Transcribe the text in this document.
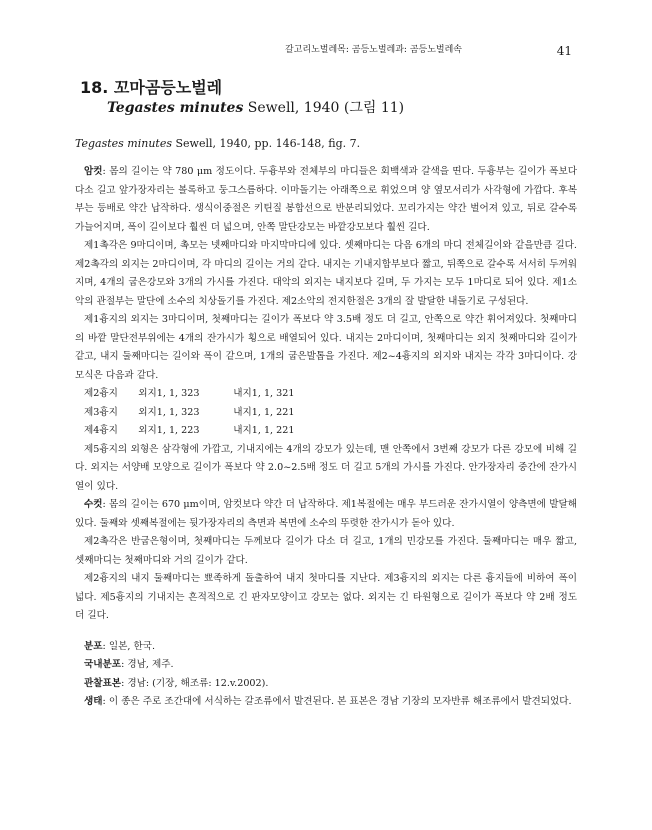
갈고리노벌레목: 곰등노벌레과: 곰등노벌레속	41
18. 꼬마곰등노벌레
Tegastes minutes Sewell, 1940 (그림 11)
Tegastes minutes Sewell, 1940, pp. 146-148, fig. 7.

암컷: 몸의 길이는 약 780 μm 정도이다. 두흉부와 전체부의 마디들은 회백색과 갈색을 띤다. 두흉부는 길이가 폭보다 다소 길고 앞가장자리는 볼록하고 둥그스름하다. 이마돌기는 아래쪽으로 휘었으며 양 옆모서리가 사각형에 가깝다. 후복부는 등배로 약간 납작하다. 생식이중절은 키틴질 봉합선으로 반분리되었다. 꼬리가지는 약간 벌어져 있고, 뒤로 갈수록 가늘어지며, 폭이 길이보다 훨씬 더 넓으며, 안쪽 말단강모는 바깥강모보다 훨씬 길다.

제1촉각은 9마디이며, 촉모는 넷째마디와 마지막마디에 있다. 셋째마디는 다음 6개의 마디 전체길이와 같을만큼 길다. 제2촉각의 외지는 2마디이며, 각 마디의 길이는 거의 같다. 내지는 기내지합부보다 짧고, 뒤쪽으로 갈수록 서서히 두꺼워지며, 4개의 굽은강모와 3개의 가시를 가진다. 대악의 외지는 내지보다 길며, 두 가지는 모두 1마디로 되어 있다. 제1소악의 관절부는 말단에 소수의 치상돌기를 가진다. 제2소악의 전지한절은 3개의 잘 발달한 내돌기로 구성된다.

제1흉지의 외지는 3마디이며, 첫째마디는 길이가 폭보다 약 3.5배 정도 더 길고, 안쪽으로 약간 휘어져있다. 첫째마디의 바깥 말단전부위에는 4개의 잔가시가 횡으로 배열되어 있다. 내지는 2마디이며, 첫째마디는 외지 첫째마디와 길이가 같고, 내지 둘째마디는 길이와 폭이 같으며, 1개의 굽은발톱을 가진다. 제2~4흉지의 외지와 내지는 각각 3마디이다. 강모식은 다음과 같다.

제2흉지 외지1, 1, 323	내지1, 1, 321

제3흉지 외지1, 1, 323	내지1, 1, 221

제4흉지 외지1, 1, 223	내지1, 1, 221

제5흉지의 외형은 삼각형에 가깝고, 기내지에는 4개의 강모가 있는데, 맨 안쪽에서 3번째 강모가 다른 강모에 비해 길다. 외지는 서양배 모양으로 길이가 폭보다 약 2.0~2.5배 정도 더 길고 5개의 가시를 가진다. 안가장자리 중간에 잔가시열이 있다.

수컷: 몸의 길이는 670 μm이며, 암컷보다 약간 더 납작하다. 제1복절에는 매우 부드러운 잔가시열이 양측면에 발달해 있다. 둘째와 셋째복절에는 뒷가장자리의 측면과 복면에 소수의 뚜렷한 잔가시가 돋아 있다.

제2촉각은 반굽은형이며, 첫째마디는 두께보다 길이가 다소 더 길고, 1개의 민강모를 가진다. 둘째마디는 매우 짧고, 셋째마디는 첫째마디와 거의 길이가 같다.

제2흉지의 내지 둘째마디는 뾰족하게 돌출하여 내지 첫마디를 지난다. 제3흉지의 외지는 다른 흉지들에 비하여 폭이 넓다. 제5흉지의 기내지는 흔적적으로 긴 판자모양이고 강모는 없다. 외지는 긴 타원형으로 길이가 폭보다 약 2배 정도 더 길다.

분포: 일본, 한국.

국내분포: 경남, 제주.

관찰표본: 경남: (기장, 해조류: 12.v.2002).

생태: 이 종은 주로 조간대에 서식하는 갈조류에서 발견된다. 본 표본은 경남 기장의 모자반류 해조류에서 발견되었다.
